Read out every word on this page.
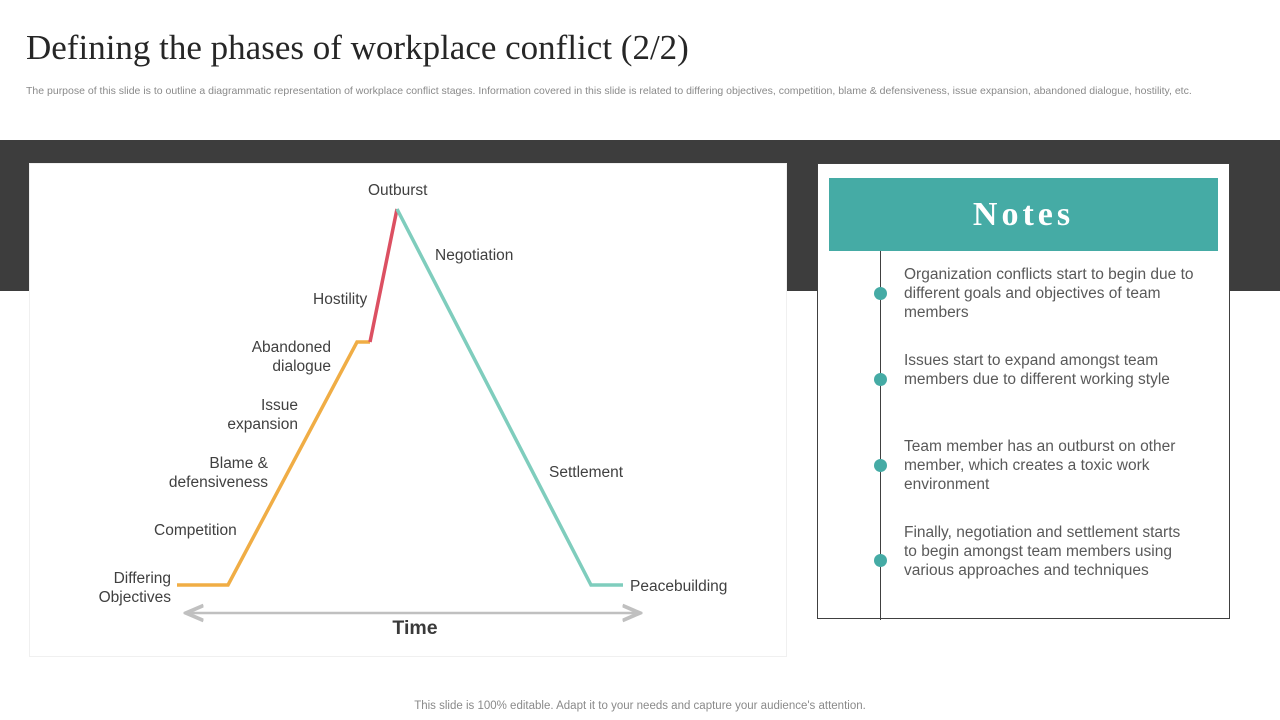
Defining the phases of workplace conflict (2/2)
The purpose of this slide is to outline a diagrammatic representation of workplace conflict stages. Information covered in this slide is related to differing objectives, competition, blame & defensiveness, issue expansion, abandoned dialogue, hostility, etc.
Differing
Objectives
Competition
Blame &
defensiveness
Issue
expansion
Abandoned
dialogue
Hostility
Outburst
Negotiation
Settlement
Peacebuilding
Time
Notes
Organization conflicts start to begin due to different goals and objectives of team members
Issues start to expand amongst team members due to different working style
Team member has an outburst on other member, which creates a toxic work environment
Finally, negotiation and settlement starts to begin amongst team members using various approaches and techniques
This slide is 100% editable. Adapt it to your needs and capture your audience's attention.
